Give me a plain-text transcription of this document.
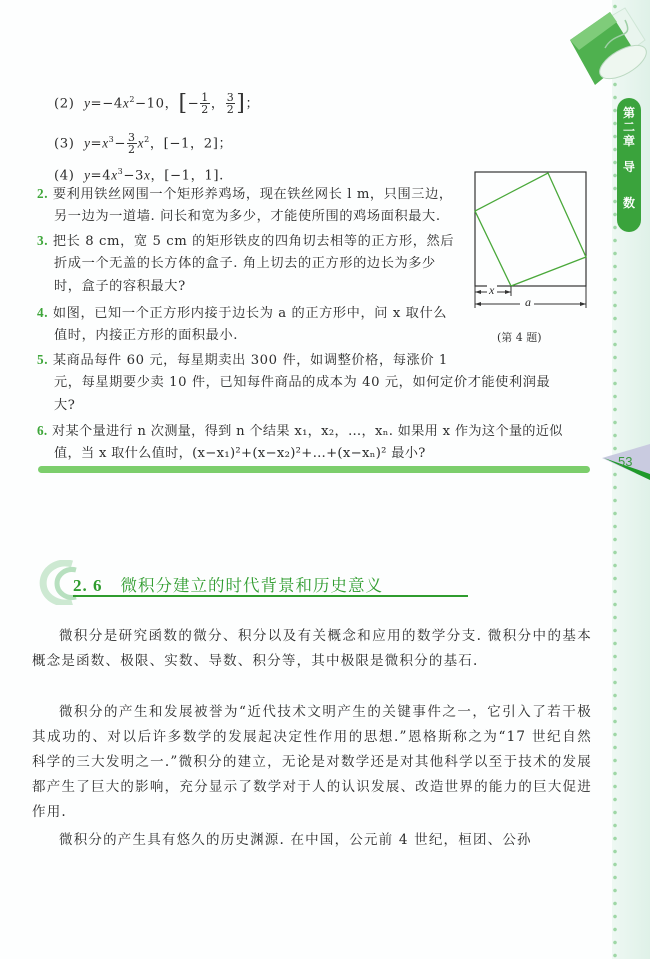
第
二
章
导
数
53
(2) $y=-4x^2-10$，[− $\frac{1}{2}$ ， $\frac{3}{2}$ ]；
(3) $y=x^3- \frac{3}{2} x^2$，[−1，2]；
(4) $y=4x^3-3x$，[−1，1].
2. 要利用铁丝网围一个矩形养鸡场，现在铁丝网长 l m，只围三边，
另一边为一道墙. 问长和宽为多少，才能使所围的鸡场面积最大.
3. 把长 8 cm，宽 5 cm 的矩形铁皮的四角切去相等的正方形，然后
折成一个无盖的长方体的盒子. 角上切去的正方形的边长为多少
时，盒子的容积最大?
4. 如图，已知一个正方形内接于边长为 a 的正方形中，问 x 取什么
值时，内接正方形的面积最小.
x
a
(第 4 题)
5. 某商品每件 60 元，每星期卖出 300 件，如调整价格，每涨价 1
元，每星期要少卖 10 件，已知每件商品的成本为 40 元，如何定价才能使利润最
大?
6. 对某个量进行 n 次测量，得到 n 个结果 x₁，x₂，…，xₙ. 如果用 x 作为这个量的近似
值，当 x 取什么值时，(x−x₁)²+(x−x₂)²+…+(x−xₙ)² 最小?
2. 6 微积分建立的时代背景和历史意义
微积分是研究函数的微分、积分以及有关概念和应用的数学分支. 微积分中的基本概念是函数、极限、实数、导数、积分等，其中极限是微积分的基石.
微积分的产生和发展被誉为“近代技术文明产生的关键事件之一，它引入了若干极其成功的、对以后许多数学的发展起决定性作用的思想.”恩格斯称之为“17 世纪自然科学的三大发明之一.”微积分的建立，无论是对数学还是对其他科学以至于技术的发展都产生了巨大的影响，充分显示了数学对于人的认识发展、改造世界的能力的巨大促进作用.
微积分的产生具有悠久的历史渊源. 在中国，公元前 4 世纪，桓团、公孙
